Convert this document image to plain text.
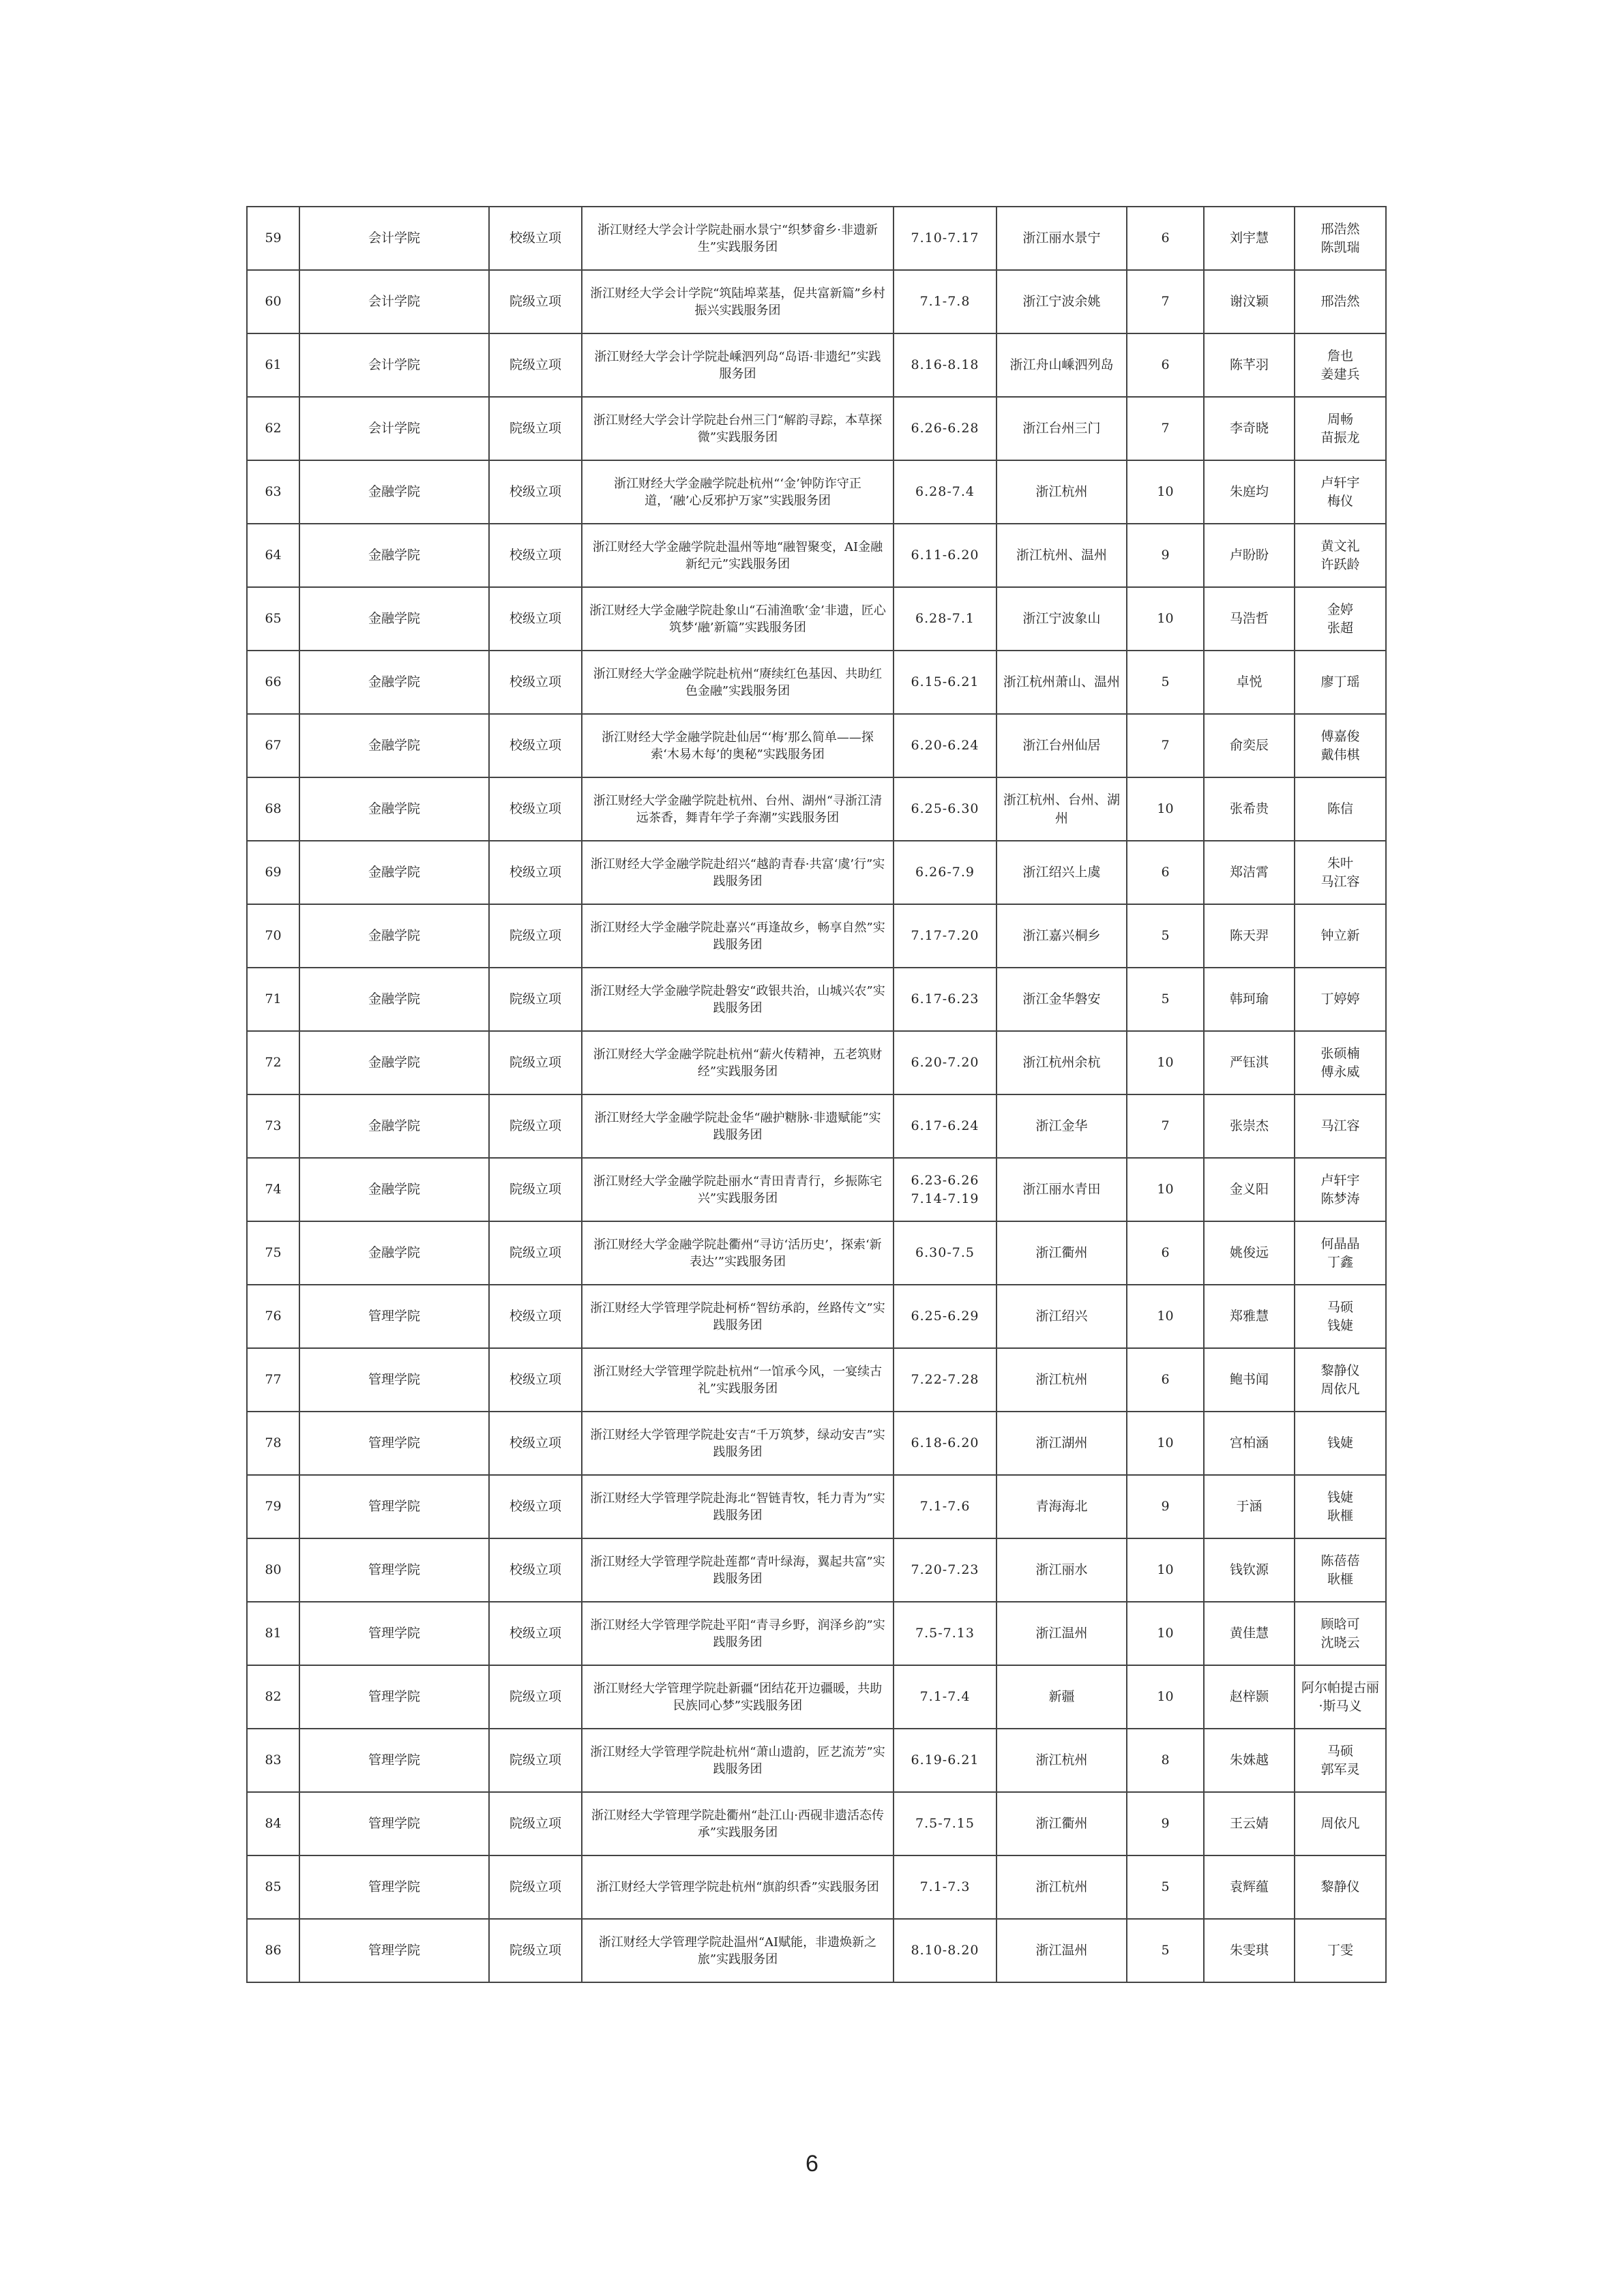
59	会计学院	校级立项	浙江财经大学会计学院赴丽水景宁“织梦畲乡·非遗新生”实践服务团	7.10-7.17	浙江丽水景宁	6	刘宇慧	邢浩然
陈凯瑞
60	会计学院	院级立项	浙江财经大学会计学院“筑陆埠菜基，促共富新篇”乡村振兴实践服务团	7.1-7.8	浙江宁波余姚	7	谢汶颖	邢浩然
61	会计学院	院级立项	浙江财经大学会计学院赴嵊泗列岛“岛语·非遗纪”实践服务团	8.16-8.18	浙江舟山嵊泗列岛	6	陈芊羽	詹也
姜建兵
62	会计学院	院级立项	浙江财经大学会计学院赴台州三门“解韵寻踪，本草探微”实践服务团	6.26-6.28	浙江台州三门	7	李奇晓	周畅
苗振龙
63	金融学院	校级立项	浙江财经大学金融学院赴杭州“‘金’钟防诈守正道，‘融’心反邪护万家”实践服务团	6.28-7.4	浙江杭州	10	朱庭均	卢轩宇
梅仪
64	金融学院	校级立项	浙江财经大学金融学院赴温州等地“融智聚变，AI金融新纪元”实践服务团	6.11-6.20	浙江杭州、温州	9	卢盼盼	黄文礼
许跃龄
65	金融学院	校级立项	浙江财经大学金融学院赴象山“石浦渔歌‘金’非遗，匠心筑梦‘融’新篇”实践服务团	6.28-7.1	浙江宁波象山	10	马浩哲	金婷
张超
66	金融学院	校级立项	浙江财经大学金融学院赴杭州“赓续红色基因、共助红色金融”实践服务团	6.15-6.21	浙江杭州萧山、温州	5	卓悦	廖丁瑶
67	金融学院	校级立项	浙江财经大学金融学院赴仙居“‘梅’那么简单——探索‘木易木每’的奥秘”实践服务团	6.20-6.24	浙江台州仙居	7	俞奕辰	傅嘉俊
戴伟棋
68	金融学院	校级立项	浙江财经大学金融学院赴杭州、台州、湖州“寻浙江清远茶香，舞青年学子奔潮”实践服务团	6.25-6.30	浙江杭州、台州、湖州	10	张希贵	陈信
69	金融学院	校级立项	浙江财经大学金融学院赴绍兴“越韵青春·共富‘虞’行”实践服务团	6.26-7.9	浙江绍兴上虞	6	郑洁霄	朱叶
马江容
70	金融学院	院级立项	浙江财经大学金融学院赴嘉兴“再逢故乡，畅享自然”实践服务团	7.17-7.20	浙江嘉兴桐乡	5	陈天羿	钟立新
71	金融学院	院级立项	浙江财经大学金融学院赴磐安“政银共治，山城兴农”实践服务团	6.17-6.23	浙江金华磐安	5	韩珂瑜	丁婷婷
72	金融学院	院级立项	浙江财经大学金融学院赴杭州“薪火传精神，五老筑财经”实践服务团	6.20-7.20	浙江杭州余杭	10	严钰淇	张硕楠
傅永威
73	金融学院	院级立项	浙江财经大学金融学院赴金华“融护糖脉·非遗赋能”实践服务团	6.17-6.24	浙江金华	7	张崇杰	马江容
74	金融学院	院级立项	浙江财经大学金融学院赴丽水“青田青青行，乡振陈宅兴”实践服务团	6.23-6.26
7.14-7.19	浙江丽水青田	10	金义阳	卢轩宇
陈梦涛
75	金融学院	院级立项	浙江财经大学金融学院赴衢州“寻访‘活历史’，探索‘新表达’”实践服务团	6.30-7.5	浙江衢州	6	姚俊远	何晶晶
丁鑫
76	管理学院	校级立项	浙江财经大学管理学院赴柯桥“智纺承韵，丝路传文”实践服务团	6.25-6.29	浙江绍兴	10	郑雅慧	马硕
钱婕
77	管理学院	校级立项	浙江财经大学管理学院赴杭州“一馆承今风，一宴续古礼”实践服务团	7.22-7.28	浙江杭州	6	鲍书闻	黎静仪
周依凡
78	管理学院	校级立项	浙江财经大学管理学院赴安吉“千万筑梦，绿动安吉”实践服务团	6.18-6.20	浙江湖州	10	宫柏涵	钱婕
79	管理学院	校级立项	浙江财经大学管理学院赴海北“智链青牧，牦力青为”实践服务团	7.1-7.6	青海海北	9	于涵	钱婕
耿榧
80	管理学院	校级立项	浙江财经大学管理学院赴莲都“青叶绿海，翼起共富”实践服务团	7.20-7.23	浙江丽水	10	钱钦源	陈蓓蓓
耿榧
81	管理学院	校级立项	浙江财经大学管理学院赴平阳“青寻乡野，润泽乡韵”实践服务团	7.5-7.13	浙江温州	10	黄佳慧	顾晗可
沈晓云
82	管理学院	院级立项	浙江财经大学管理学院赴新疆“团结花开边疆暖，共助民族同心梦”实践服务团	7.1-7.4	新疆	10	赵梓颢	阿尔帕提古丽·斯马义
83	管理学院	院级立项	浙江财经大学管理学院赴杭州“萧山遗韵，匠艺流芳”实践服务团	6.19-6.21	浙江杭州	8	朱姝越	马硕
郭军灵
84	管理学院	院级立项	浙江财经大学管理学院赴衢州“赴江山·西砚非遗活态传承”实践服务团	7.5-7.15	浙江衢州	9	王云婧	周依凡
85	管理学院	院级立项	浙江财经大学管理学院赴杭州“旗韵织香”实践服务团	7.1-7.3	浙江杭州	5	袁辉蕴	黎静仪
86	管理学院	院级立项	浙江财经大学管理学院赴温州“AI赋能，非遗焕新之旅”实践服务团	8.10-8.20	浙江温州	5	朱雯琪	丁雯
6
